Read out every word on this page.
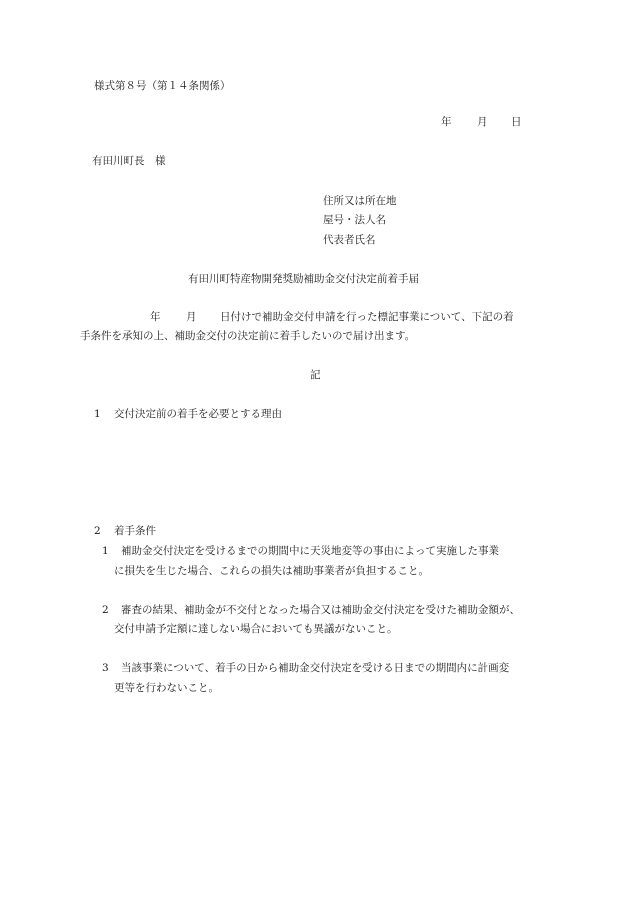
様式第８号（第１４条関係）
年 月 日
有田川町長　様
住所又は所在地
屋号・法人名
代表者氏名
有田川町特産物開発奨励補助金交付決定前着手届
年 月 日付けで補助金交付申請を行った標記事業について、下記の着
手条件を承知の上、補助金交付の決定前に着手したいので届け出ます。
記
1 交付決定前の着手を必要とする理由
2 着手条件
1 補助金交付決定を受けるまでの期間中に天災地変等の事由によって実施した事業
に損失を生じた場合、これらの損失は補助事業者が負担すること。
2 審査の結果、補助金が不交付となった場合又は補助金交付決定を受けた補助金額が、
交付申請予定額に達しない場合においても異議がないこと。
3 当該事業について、着手の日から補助金交付決定を受ける日までの期間内に計画変
更等を行わないこと。
